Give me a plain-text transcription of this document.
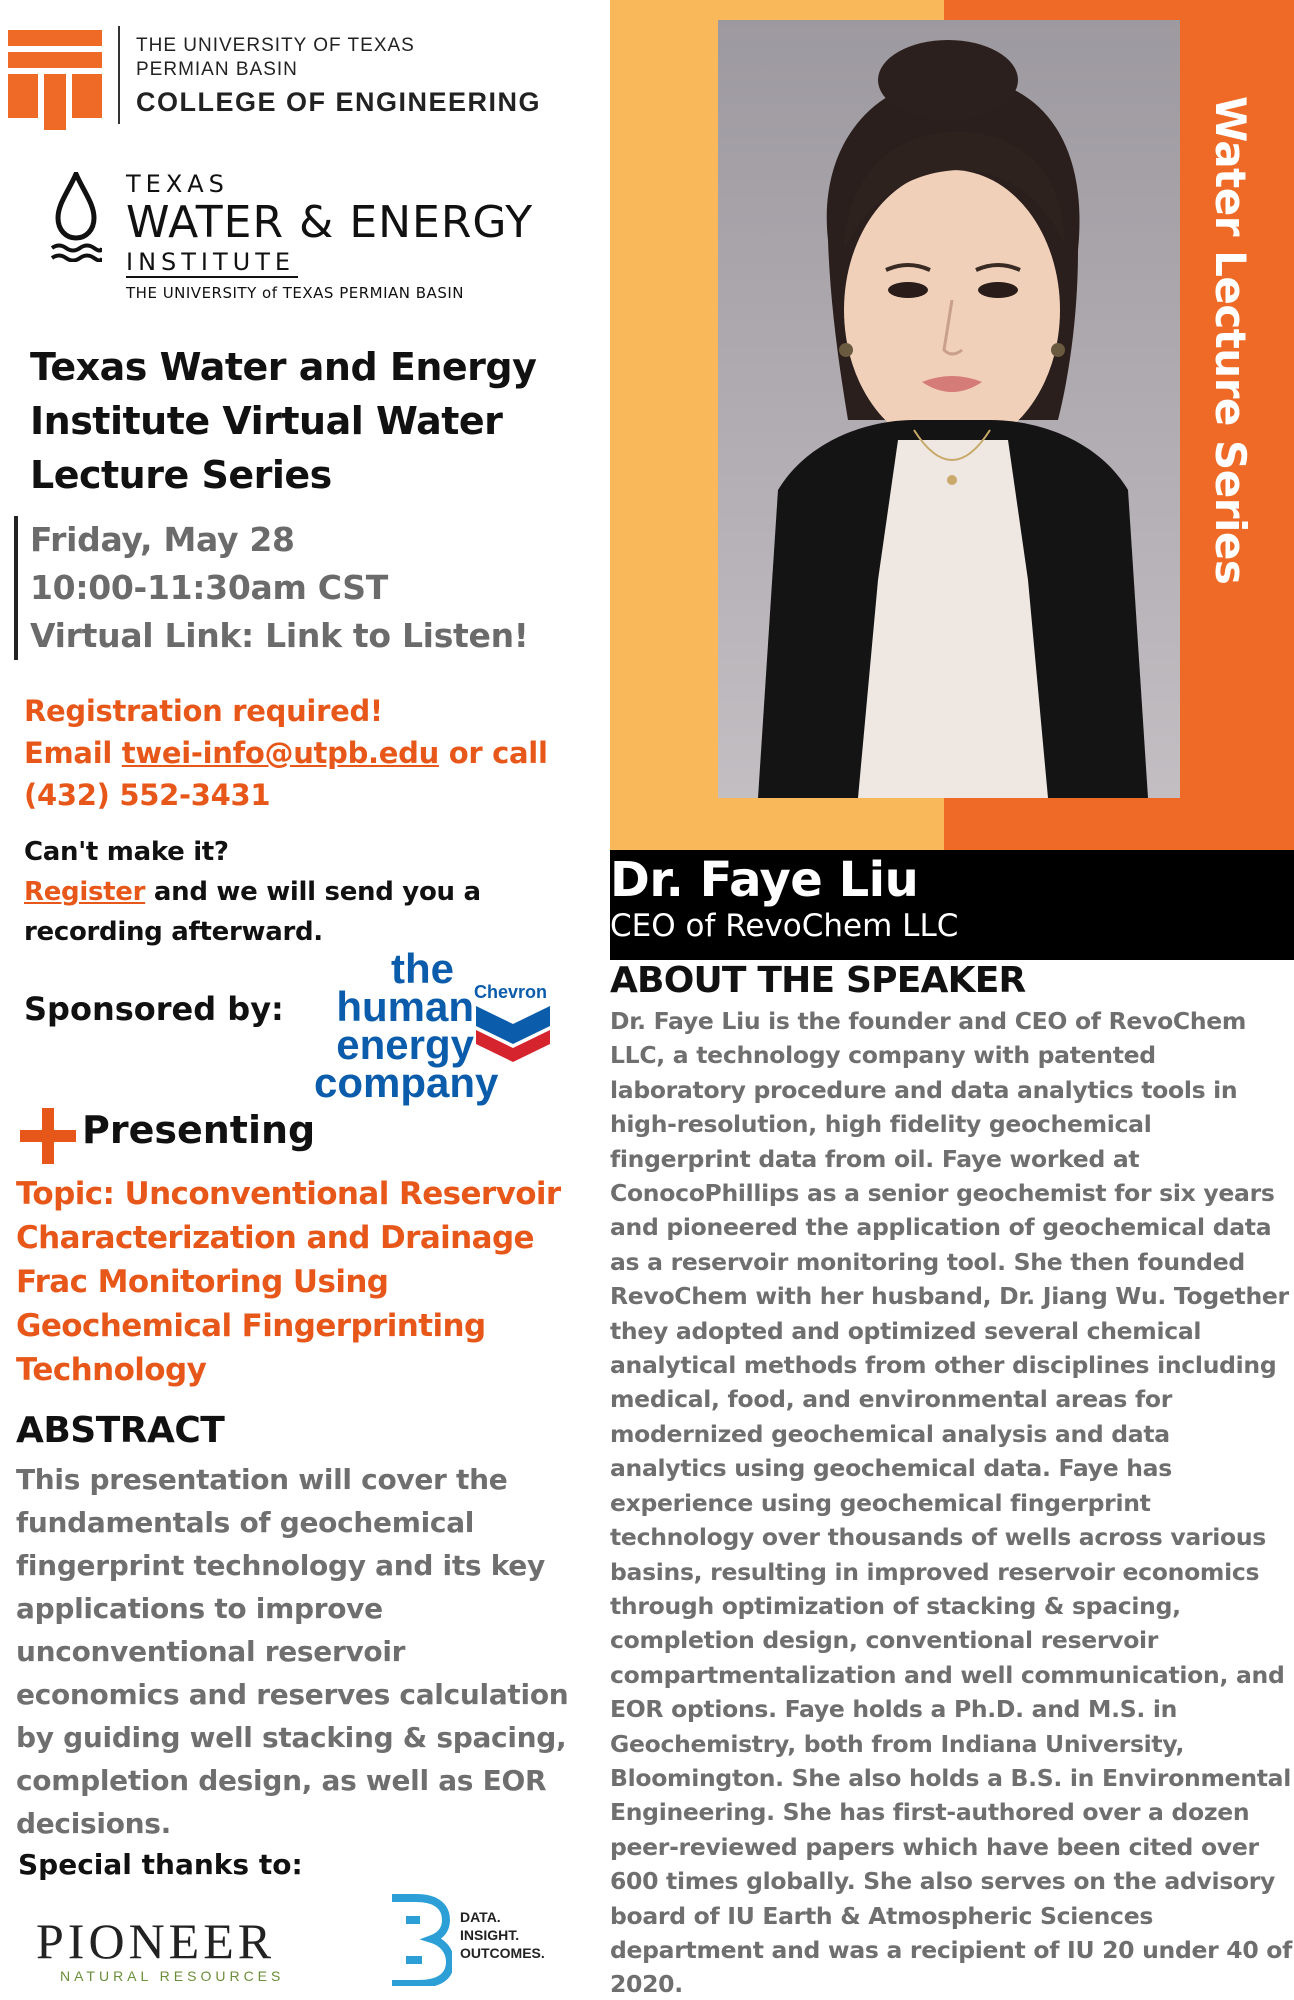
THE UNIVERSITY OF TEXAS
PERMIAN BASIN
COLLEGE OF ENGINEERING
TEXAS
WATER & ENERGY
INSTITUTE
THE UNIVERSITY of TEXAS PERMIAN BASIN
Texas Water and Energy Institute Virtual Water Lecture Series
Friday, May 28
10:00-11:30am CST
Virtual Link: Link to Listen!
Registration required!
Email twei-info@utpb.edu or call
(432) 552-3431
Can't make it?
Register and we will send you a
recording afterward.
Sponsored by:
the
human
energy
company
Chevron
Presenting
Topic: Unconventional Reservoir Characterization and Drainage Frac Monitoring Using Geochemical Fingerprinting Technology
ABSTRACT
This presentation will cover the fundamentals of geochemical fingerprint technology and its key applications to improve unconventional reservoir economics and reserves calculation by guiding well stacking & spacing, completion design, as well as EOR decisions.
Special thanks to:
PIONEER
NATURAL RESOURCES
DATA.
INSIGHT.
OUTCOMES.
Water Lecture Series
Dr. Faye Liu
CEO of RevoChem LLC
ABOUT THE SPEAKER
Dr. Faye Liu is the founder and CEO of RevoChem LLC, a technology company with patented laboratory procedure and data analytics tools in high-resolution, high fidelity geochemical fingerprint data from oil. Faye worked at ConocoPhillips as a senior geochemist for six years and pioneered the application of geochemical data as a reservoir monitoring tool. She then founded RevoChem with her husband, Dr. Jiang Wu. Together they adopted and optimized several chemical analytical methods from other disciplines including medical, food, and environmental areas for modernized geochemical analysis and data analytics using geochemical data. Faye has experience using geochemical fingerprint technology over thousands of wells across various basins, resulting in improved reservoir economics through optimization of stacking & spacing, completion design, conventional reservoir compartmentalization and well communication, and EOR options. Faye holds a Ph.D. and M.S. in Geochemistry, both from Indiana University, Bloomington. She also holds a B.S. in Environmental Engineering. She has first-authored over a dozen peer-reviewed papers which have been cited over 600 times globally. She also serves on the advisory board of IU Earth & Atmospheric Sciences department and was a recipient of IU 20 under 40 of 2020.
